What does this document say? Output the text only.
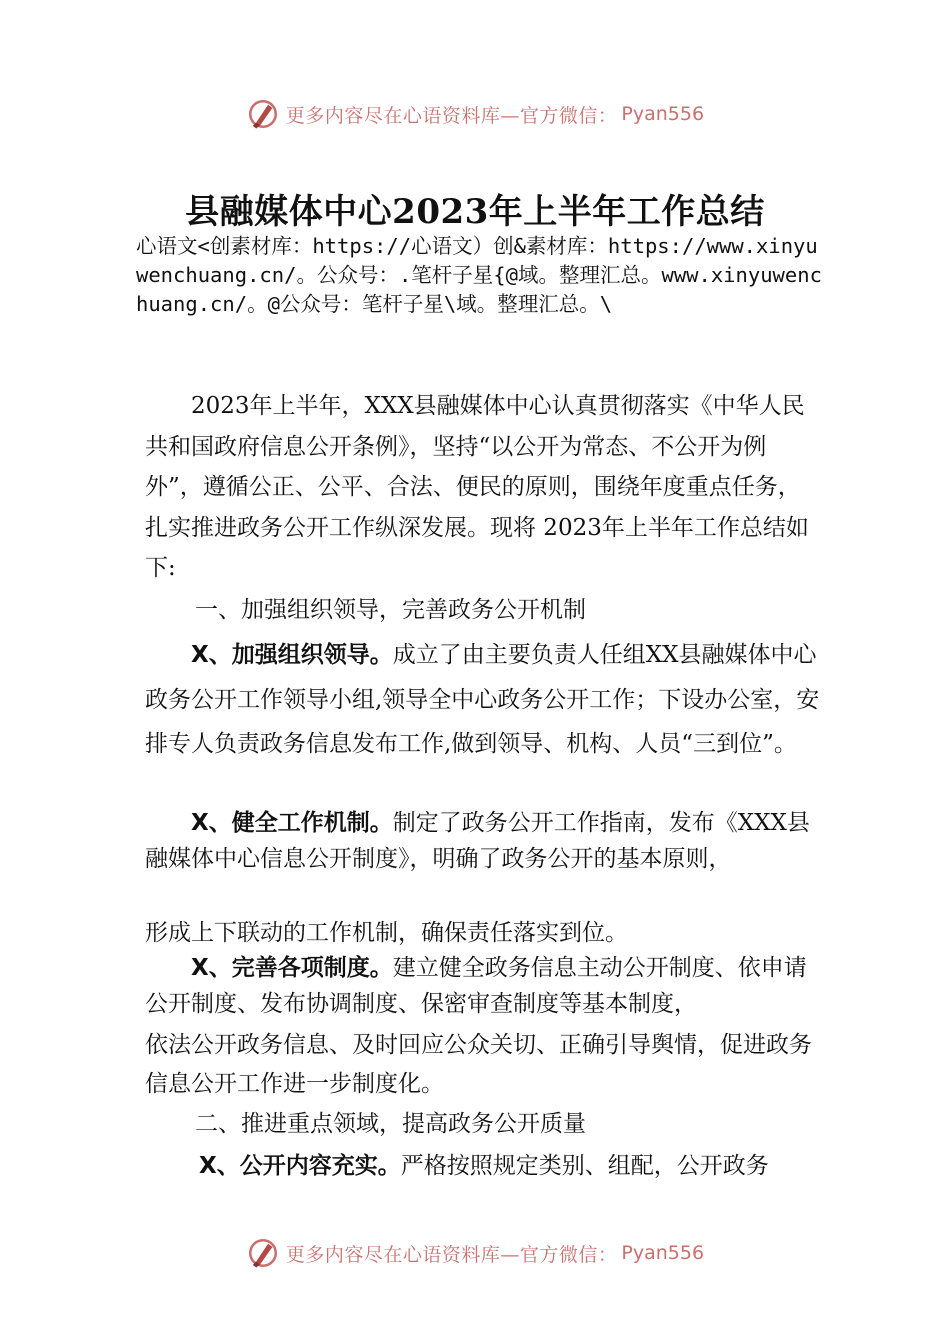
更多内容尽在心语资料库—官方微信： Pyan556
县融媒体中心2023年上半年工作总结

心语文<创素材库：https://心语文）创&素材库：https://www.xinyuwenchuang.cn/。公众号：.笔杆子星{@域。整理汇总。www.xinyuwenchuang.cn/。@公众号：笔杆子星\域。整理汇总。\

2023年上半年，XXX县融媒体中心认真贯彻落实《中华人民共和国政府信息公开条例》，坚持“以公开为常态、不公开为例外”，遵循公正、公平、合法、便民的原则，围绕年度重点任务，扎实推进政务公开工作纵深发展。现将 2023年上半年工作总结如下:

一、加强组织领导，完善政务公开机制

X、加强组织领导。成立了由主要负责人任组XX县融媒体中心政务公开工作领导小组,领导全中心政务公开工作；下设办公室，安排专人负责政务信息发布工作,做到领导、机构、人员“三到位”。

X、健全工作机制。制定了政务公开工作指南，发布《XXX县融媒体中心信息公开制度》，明确了政务公开的基本原则，

形成上下联动的工作机制，确保责任落实到位。

X、完善各项制度。建立健全政务信息主动公开制度、依申请公开制度、发布协调制度、保密审查制度等基本制度，

依法公开政务信息、及时回应公众关切、正确引导舆情，促进政务信息公开工作进一步制度化。

二、推进重点领域，提高政务公开质量

X、公开内容充实。严格按照规定类别、组配，公开政务

更多内容尽在心语资料库—官方微信： Pyan556
